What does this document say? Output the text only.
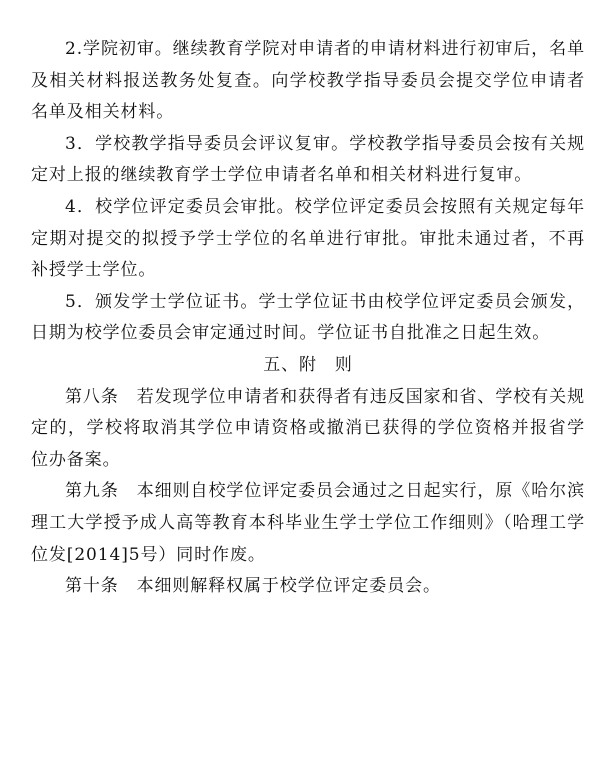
2.学院初审。继续教育学院对申请者的申请材料进行初审后，名单及相关材料报送教务处复查。向学校教学指导委员会提交学位申请者名单及相关材料。

3．学校教学指导委员会评议复审。学校教学指导委员会按有关规定对上报的继续教育学士学位申请者名单和相关材料进行复审。

4．校学位评定委员会审批。校学位评定委员会按照有关规定每年定期对提交的拟授予学士学位的名单进行审批。审批未通过者，不再补授学士学位。

5．颁发学士学位证书。学士学位证书由校学位评定委员会颁发，日期为校学位委员会审定通过时间。学位证书自批准之日起生效。

五、附　则

第八条　若发现学位申请者和获得者有违反国家和省、学校有关规定的，学校将取消其学位申请资格或撤消已获得的学位资格并报省学位办备案。

第九条　本细则自校学位评定委员会通过之日起实行，原《哈尔滨理工大学授予成人高等教育本科毕业生学士学位工作细则》（哈理工学位发[2014]5号）同时作废。

第十条　本细则解释权属于校学位评定委员会。
